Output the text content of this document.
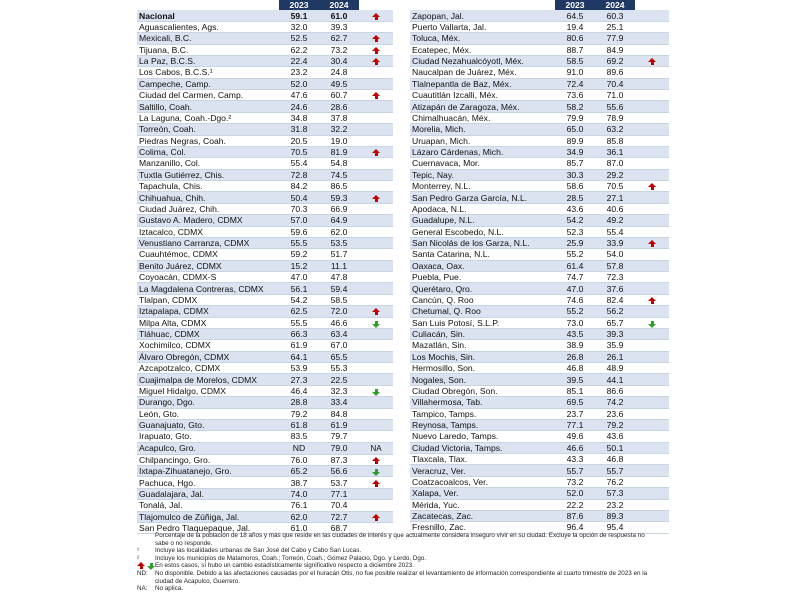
	2023	2024	
Nacional	59.1	61.0	
Aguascalientes, Ags.	32.0	39.3	
Mexicali, B.C.	52.5	62.7	
Tijuana, B.C.	62.2	73.2	
La Paz, B.C.S.	22.4	30.4	
Los Cabos, B.C.S.¹	23.2	24.8	
Campeche, Camp.	52.0	49.5	
Ciudad del Carmen, Camp.	47.6	60.7	
Saltillo, Coah.	24.6	28.6	
La Laguna, Coah.-Dgo.²	34.8	37.8	
Torreón, Coah.	31.8	32.2	
Piedras Negras, Coah.	20.5	19.0	
Colima, Col.	70.5	81.9	
Manzanillo, Col.	55.4	54.8	
Tuxtla Gutiérrez, Chis.	72.8	74.5	
Tapachula, Chis.	84.2	86.5	
Chihuahua, Chih.	50.4	59.3	
Ciudad Juárez, Chih.	70.3	66.9	
Gustavo A. Madero, CDMX	57.0	64.9	
Iztacalco, CDMX	59.6	62.0	
Venustiano Carranza, CDMX	55.5	53.5	
Cuauhtémoc, CDMX	59.2	51.7	
Benito Juárez, CDMX	15.2	11.1	
Coyoacán, CDMX-S	47.0	47.8	
La Magdalena Contreras, CDMX	56.1	59.4	
Tlalpan, CDMX	54.2	58.5	
Iztapalapa, CDMX	62.5	72.0	
Milpa Alta, CDMX	55.5	46.6	
Tláhuac, CDMX	66.3	63.4	
Xochimilco, CDMX	61.9	67.0	
Álvaro Obregón, CDMX	64.1	65.5	
Azcapotzalco, CDMX	53.9	55.3	
Cuajimalpa de Morelos, CDMX	27.3	22.5	
Miguel Hidalgo, CDMX	46.4	32.3	
Durango, Dgo.	28.8	33.4	
León, Gto.	79.2	84.8	
Guanajuato, Gto.	61.8	61.9	
Irapuato, Gto.	83.5	79.7	
Acapulco, Gro.	ND	79.0	NA
Chilpancingo, Gro.	76.0	87.3	
Ixtapa-Zihuatanejo, Gro.	65.2	56.6	
Pachuca, Hgo.	38.7	53.7	
Guadalajara, Jal.	74.0	77.1	
Tonalá, Jal.	76.1	70.4	
Tlajomulco de Zúñiga, Jal.	62.0	72.7	
San Pedro Tlaquepaque, Jal.	61.0	68.7	
	2023	2024	
Zapopan, Jal.	64.5	60.3	
Puerto Vallarta, Jal.	19.4	25.1	
Toluca, Méx.	80.6	77.9	
Ecatepec, Méx.	88.7	84.9	
Ciudad Nezahualcóyotl, Méx.	58.5	69.2	
Naucalpan de Juárez, Méx.	91.0	89.6	
Tlalnepantla de Baz, Méx.	72.4	70.4	
Cuautitlán Izcalli, Méx.	73.6	71.0	
Atizapán de Zaragoza, Méx.	58.2	55.6	
Chimalhuacán, Méx.	79.9	78.9	
Morelia, Mich.	65.0	63.2	
Uruapan, Mich.	89.9	85.8	
Lázaro Cárdenas, Mich.	34.9	36.1	
Cuernavaca, Mor.	85.7	87.0	
Tepic, Nay.	30.3	29.2	
Monterrey, N.L.	58.6	70.5	
San Pedro Garza García, N.L.	28.5	27.1	
Apodaca, N.L.	43.6	40.6	
Guadalupe, N.L.	54.2	49.2	
General Escobedo, N.L.	52.3	55.4	
San Nicolás de los Garza, N.L.	25.9	33.9	
Santa Catarina, N.L.	55.2	54.0	
Oaxaca, Oax.	61.4	57.8	
Puebla, Pue.	74.7	72.3	
Querétaro, Qro.	47.0	37.6	
Cancún, Q. Roo	74.6	82.4	
Chetumal, Q. Roo	55.2	56.2	
San Luis Potosí, S.L.P.	73.0	65.7	
Culiacán, Sin.	43.5	39.3	
Mazatlán, Sin.	38.9	35.9	
Los Mochis, Sin.	26.8	26.1	
Hermosillo, Son.	46.8	48.9	
Nogales, Son.	39.5	44.1	
Ciudad Obregón, Son.	85.1	86.6	
Villahermosa, Tab.	69.5	74.2	
Tampico, Tamps.	23.7	23.6	
Reynosa, Tamps.	77.1	79.2	
Nuevo Laredo, Tamps.	49.6	43.6	
Ciudad Victoria, Tamps.	46.6	50.1	
Tlaxcala, Tlax.	43.3	46.8	
Veracruz, Ver.	55.7	55.7	
Coatzacoalcos, Ver.	73.2	76.2	
Xalapa, Ver.	52.0	57.3	
Mérida, Yuc.	22.2	23.2	
Zacatecas, Zac.	87.6	89.3	
Fresnillo, Zac.	96.4	95.4	
Porcentaje de la población de 18 años y más que reside en las ciudades de interés y que actualmente considera inseguro vivir en su ciudad. Excluye la opción de respuesta no sabe o no responde.
¹	Incluye las localidades urbanas de San José del Cabo y Cabo San Lucas.
²	Incluye los municipios de Matamoros, Coah.; Torreón, Coah.; Gómez Palacio, Dgo. y Lerdo, Dgo.
En estos casos, sí hubo un cambio estadísticamente significativo respecto a diciembre 2023.
ND:	No disponible. Debido a las afectaciones causadas por el huracán Otis, no fue posible realizar el levantamiento de información correspondiente al cuarto trimestre de 2023 en la ciudad de Acapulco, Guerrero.
NA:	No aplica.
